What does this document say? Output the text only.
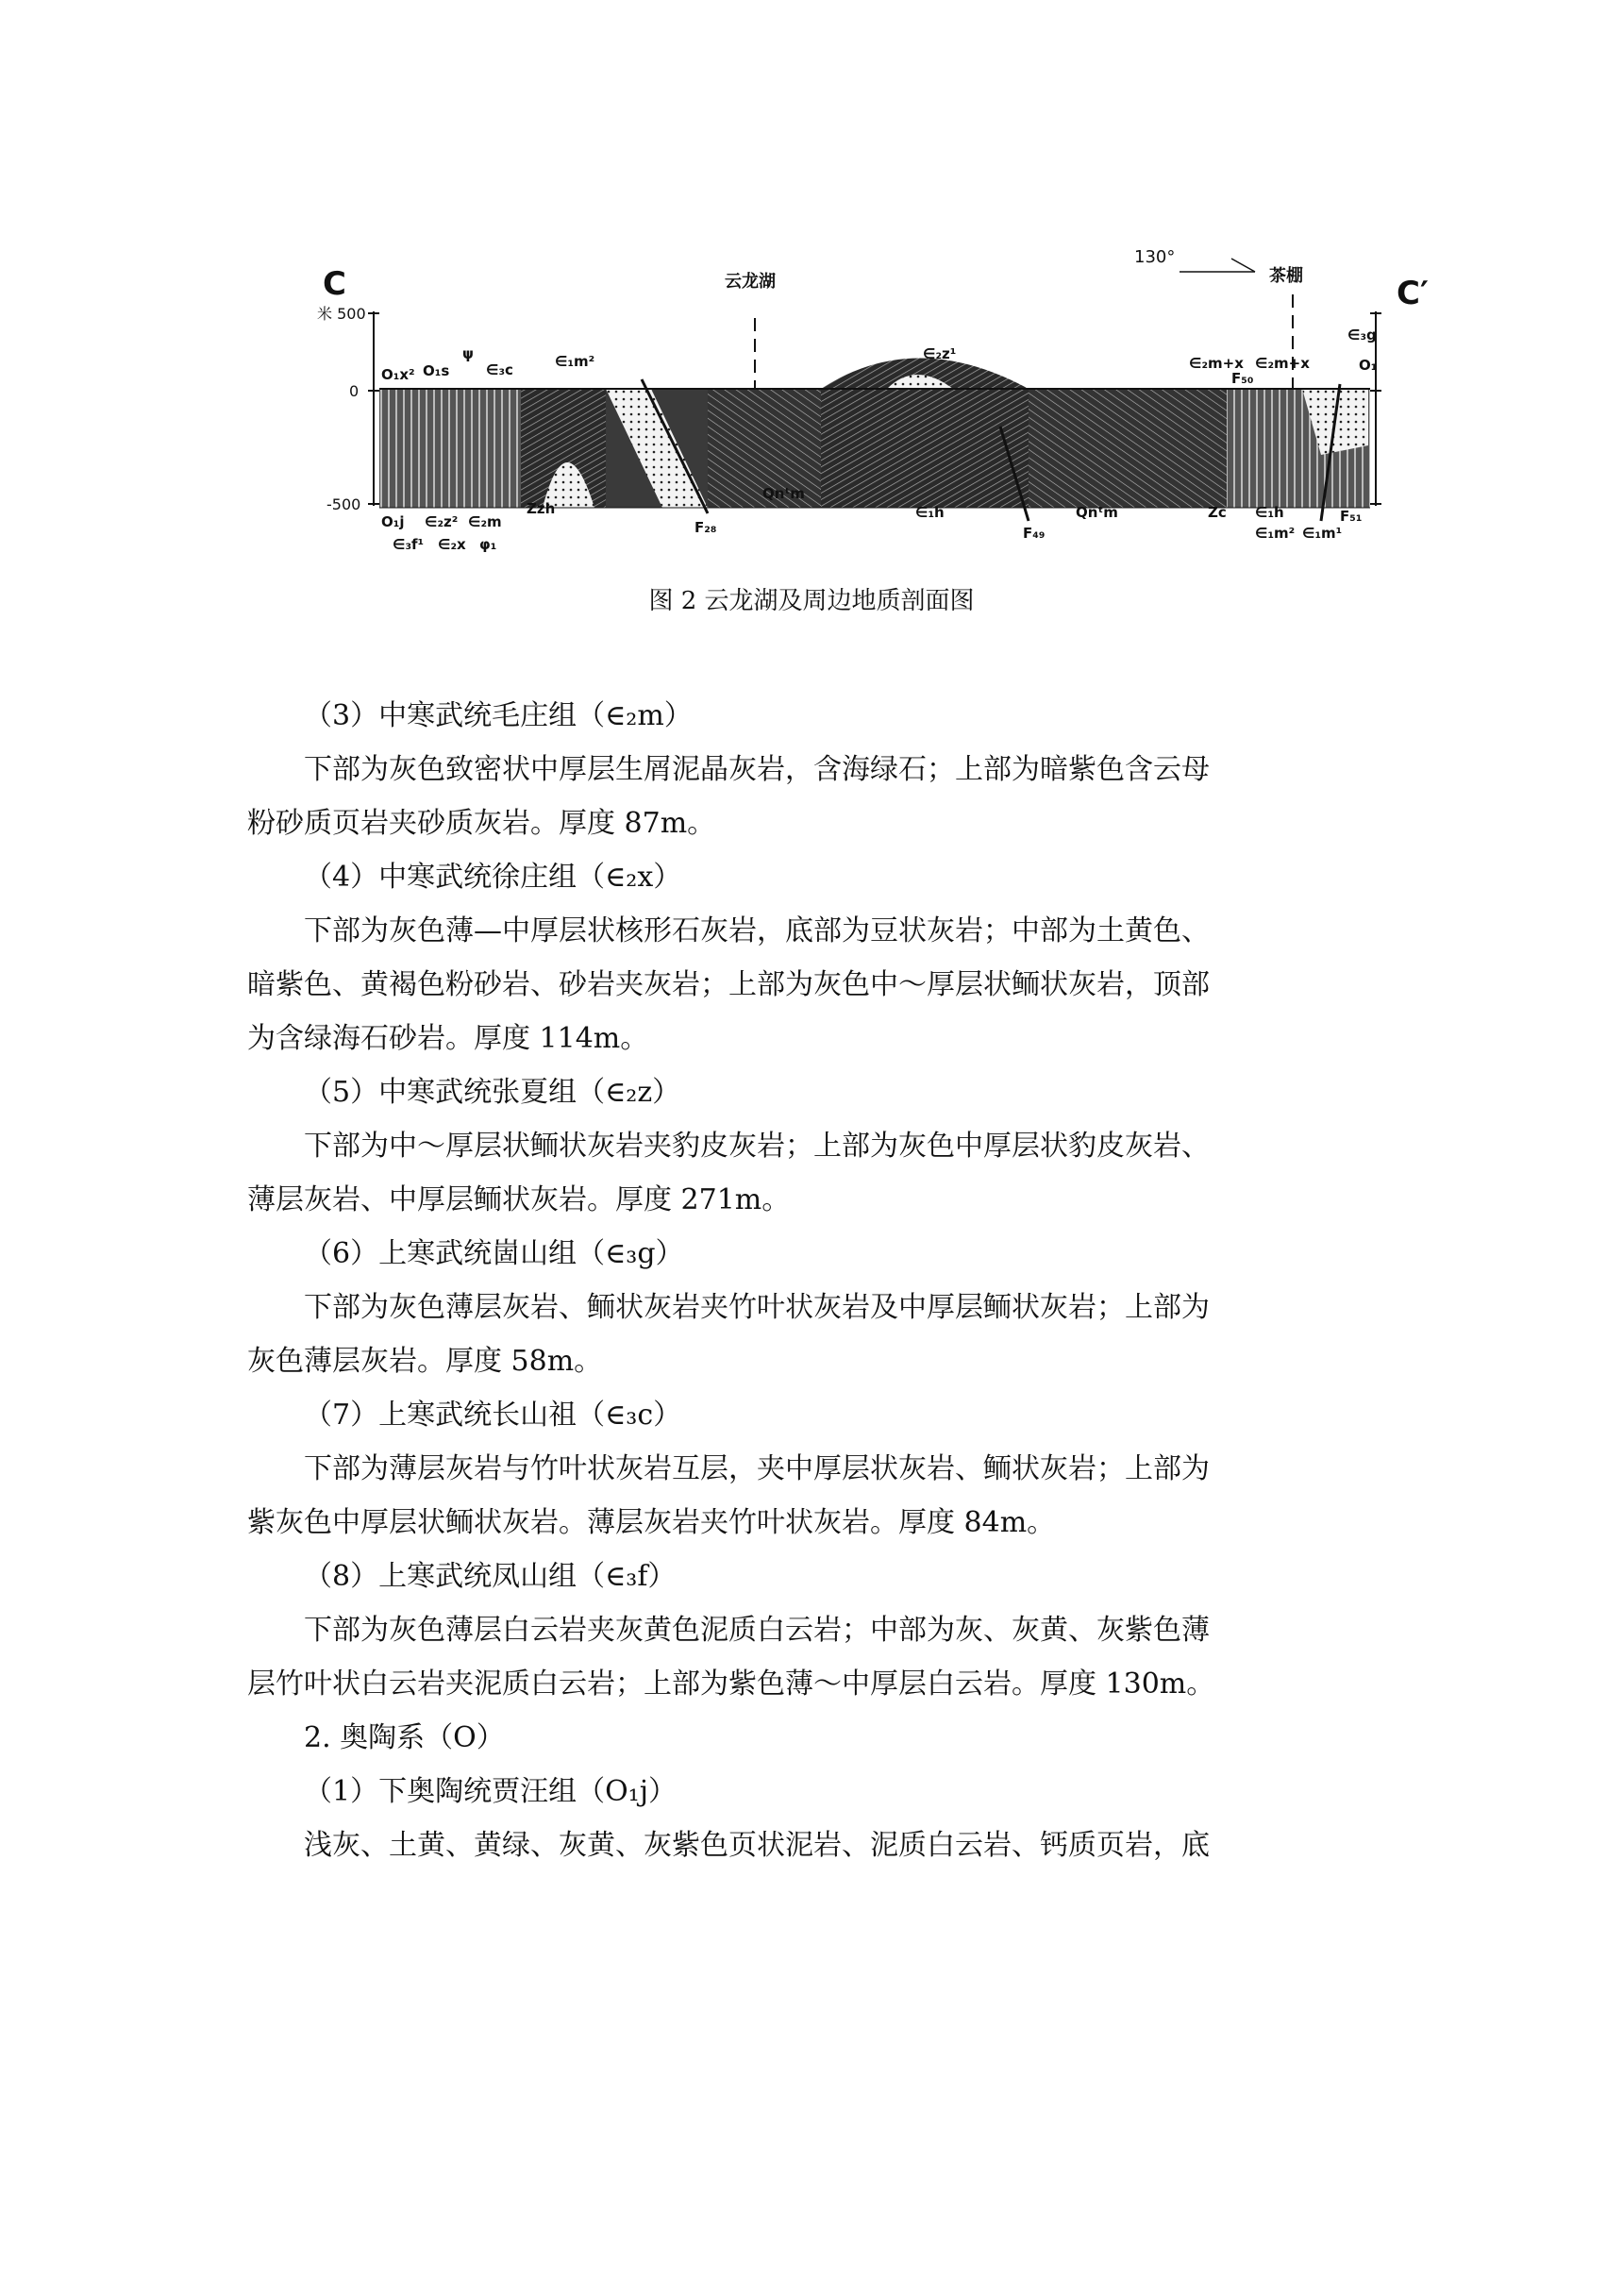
130°
C	C′
米 500
0
-500
云龙湖	茶棚
O₁x² O₁s
ψ
∈₃c	∈₁m²	∈₂z¹
∈₂m+x ∈₂m+x
F₅₀
∈₃g
O₁
O₁j ∈₂z² ∈₂m
∈₃f¹ ∈₂x φ₁
Zzh
F₂₈
Qnᵗm
∈₁h
F₄₉
Qnᵗm	Zc ∈₁h
∈₁m² ∈₁m¹
F₅₁
图 2 云龙湖及周边地质剖面图
（3）中寒武统毛庄组（∈₂m）
下部为灰色致密状中厚层生屑泥晶灰岩，含海绿石；上部为暗紫色含云母
粉砂质页岩夹砂质灰岩。厚度 87m。
（4）中寒武统徐庄组（∈₂x）
下部为灰色薄—中厚层状核形石灰岩，底部为豆状灰岩；中部为土黄色、
暗紫色、黄褐色粉砂岩、砂岩夹灰岩；上部为灰色中～厚层状鲕状灰岩，顶部
为含绿海石砂岩。厚度 114m。
（5）中寒武统张夏组（∈₂z）
下部为中～厚层状鲕状灰岩夹豹皮灰岩；上部为灰色中厚层状豹皮灰岩、
薄层灰岩、中厚层鲕状灰岩。厚度 271m。
（6）上寒武统崮山组（∈₃g）
下部为灰色薄层灰岩、鲕状灰岩夹竹叶状灰岩及中厚层鲕状灰岩；上部为
灰色薄层灰岩。厚度 58m。
（7）上寒武统长山祖（∈₃c）
下部为薄层灰岩与竹叶状灰岩互层，夹中厚层状灰岩、鲕状灰岩；上部为
紫灰色中厚层状鲕状灰岩。薄层灰岩夹竹叶状灰岩。厚度 84m。
（8）上寒武统凤山组（∈₃f）
下部为灰色薄层白云岩夹灰黄色泥质白云岩；中部为灰、灰黄、灰紫色薄
层竹叶状白云岩夹泥质白云岩；上部为紫色薄～中厚层白云岩。厚度 130m。
2. 奥陶系（O）
（1）下奥陶统贾汪组（O₁j）
浅灰、土黄、黄绿、灰黄、灰紫色页状泥岩、泥质白云岩、钙质页岩，底
